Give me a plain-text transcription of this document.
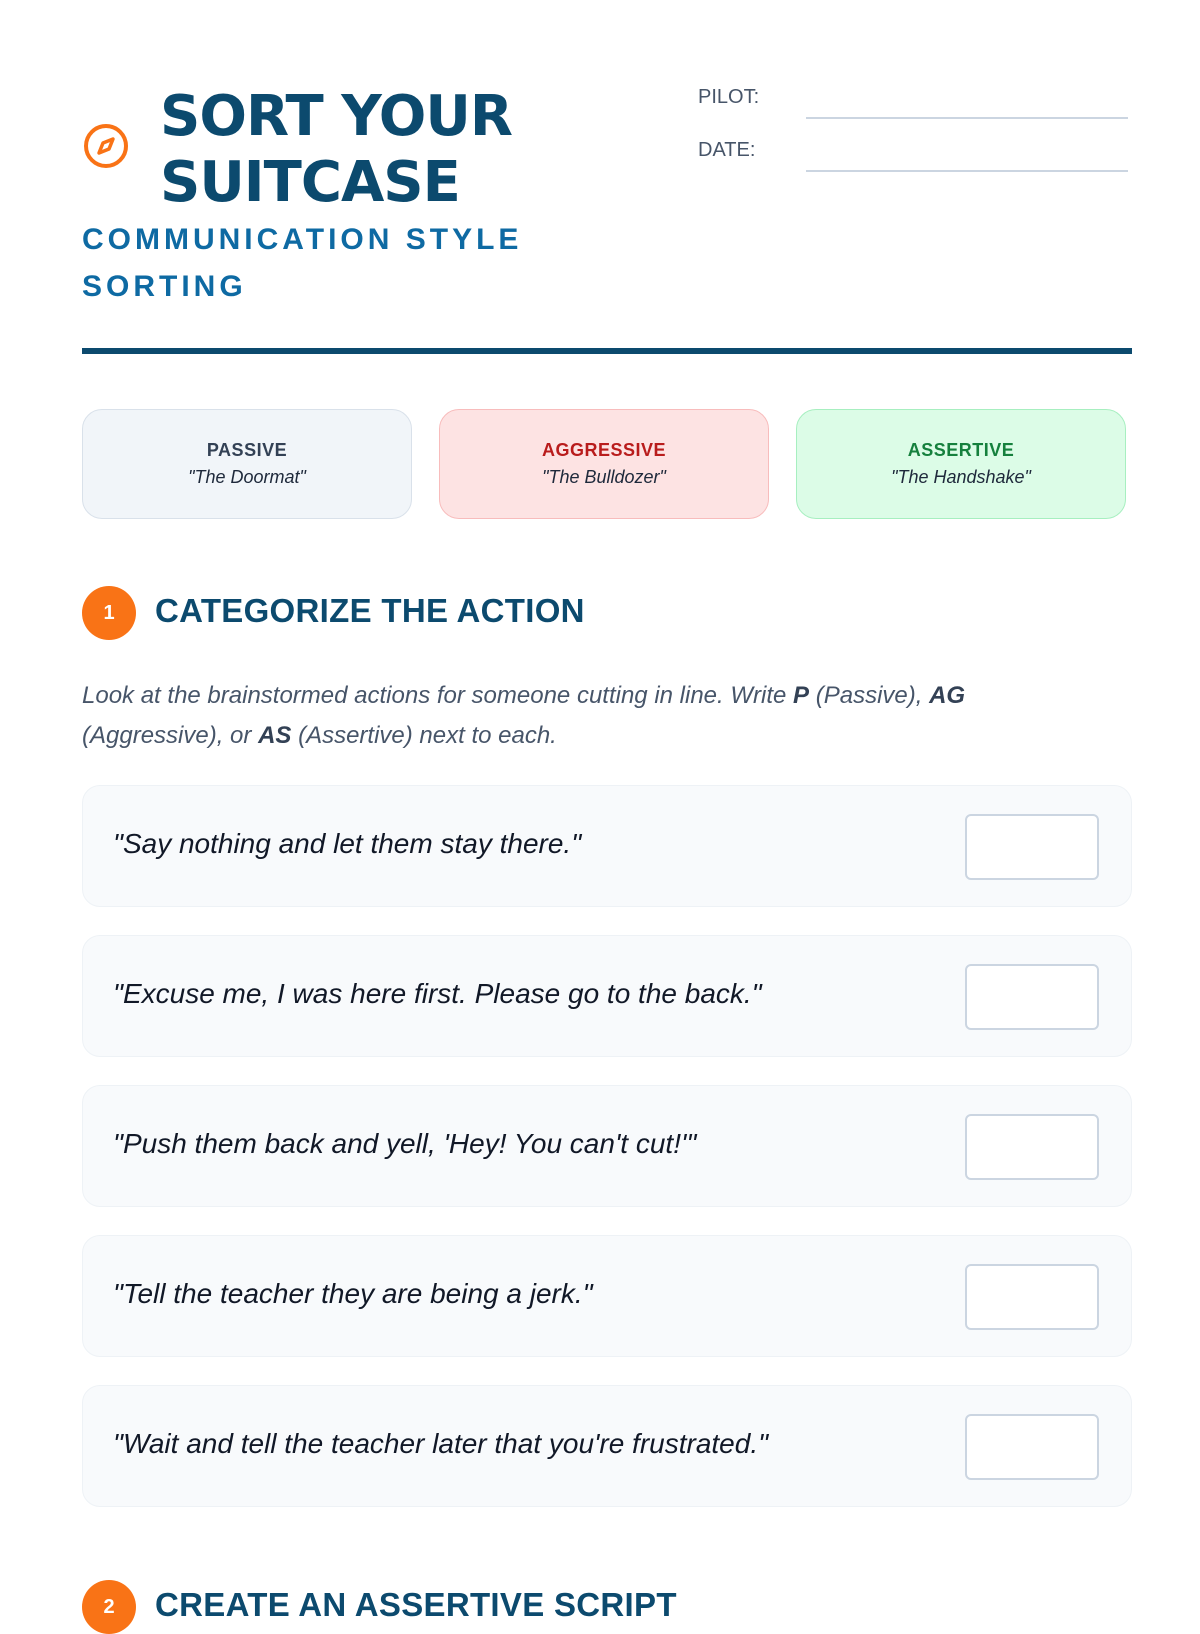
SORT YOUR
SUITCASE
COMMUNICATION STYLE SORTING
PILOT:
DATE:
PASSIVE
"The Doormat"
AGGRESSIVE
"The Bulldozer"
ASSERTIVE
"The Handshake"
1	CATEGORIZE THE ACTION

Look at the brainstormed actions for someone cutting in line. Write P (Passive), AG (Aggressive), or AS (Assertive) next to each.

"Say nothing and let them stay there."
"Excuse me, I was here first. Please go to the back."
"Push them back and yell, 'Hey! You can't cut!'"
"Tell the teacher they are being a jerk."
"Wait and tell the teacher later that you're frustrated."
2	CREATE AN ASSERTIVE SCRIPT
